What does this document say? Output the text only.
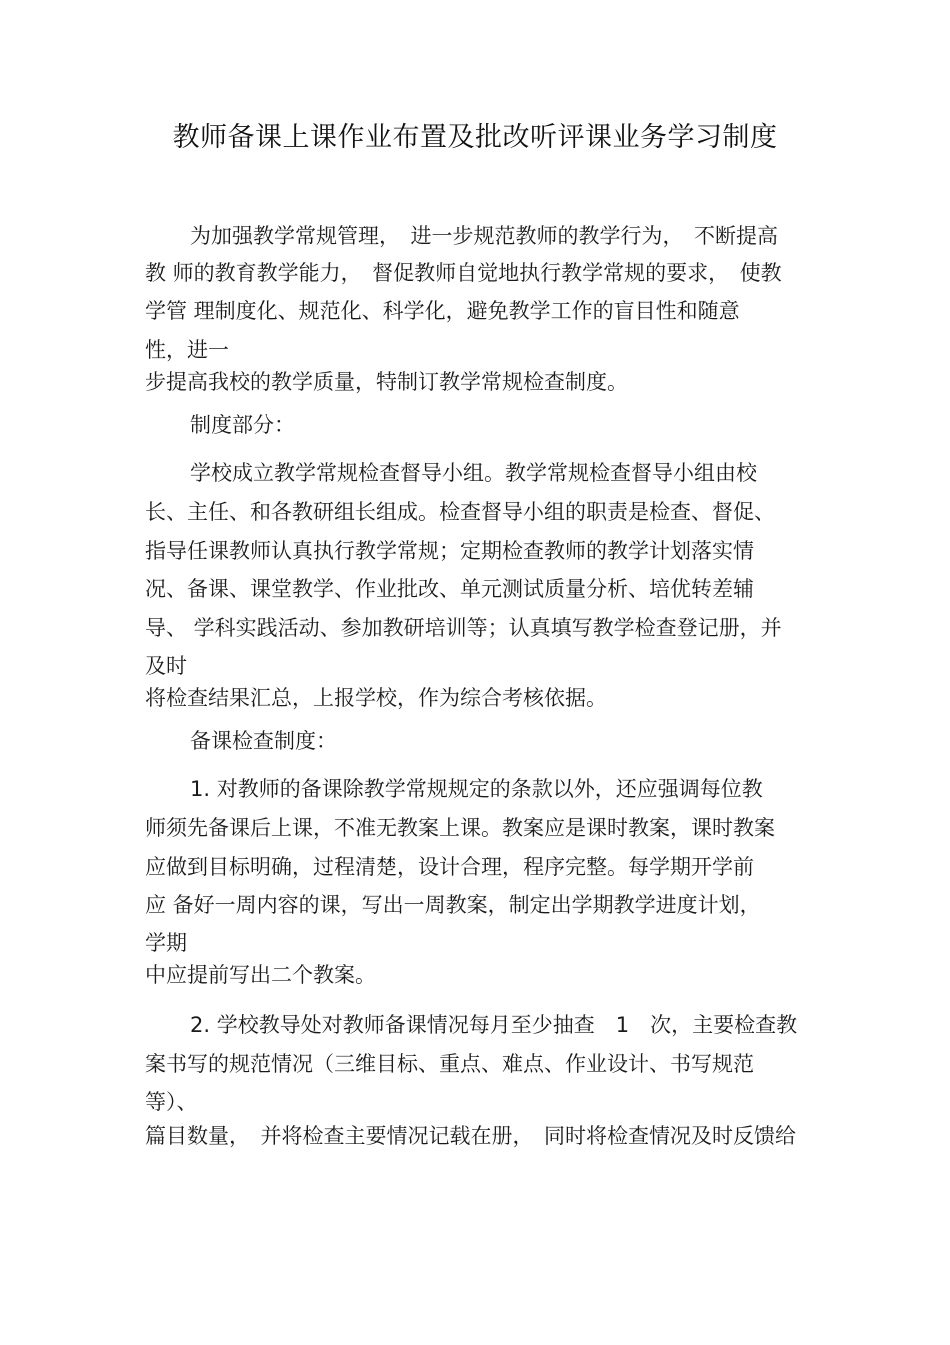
教师备课上课作业布置及批改听评课业务学习制度
为加强教学常规管理，　进一步规范教师的教学行为，　不断提高
教 师的教育教学能力，　督促教师自觉地执行教学常规的要求，　使教
学管 理制度化、规范化、科学化，避免教学工作的盲目性和随意
性，进一
步提高我校的教学质量，特制订教学常规检查制度。
制度部分：
学校成立教学常规检查督导小组。教学常规检查督导小组由校
长、主任、和各教研组长组成。检查督导小组的职责是检查、督促、
指导任课教师认真执行教学常规；定期检查教师的教学计划落实情
况、备课、课堂教学、作业批改、单元测试质量分析、培优转差辅
导、 学科实践活动、参加教研培训等；认真填写教学检查登记册，并
及时
将检查结果汇总，上报学校，作为综合考核依据。
备课检查制度：
1. 对教师的备课除教学常规规定的条款以外，还应强调每位教
师须先备课后上课，不准无教案上课。教案应是课时教案，课时教案
应做到目标明确，过程清楚，设计合理，程序完整。每学期开学前
应 备好一周内容的课，写出一周教案，制定出学期教学进度计划，
学期
中应提前写出二个教案。
2. 学校教导处对教师备课情况每月至少抽查　1　次，主要检查教
案书写的规范情况（三维目标、重点、难点、作业设计、书写规范
等）、
篇目数量，　并将检查主要情况记载在册，　同时将检查情况及时反馈给
